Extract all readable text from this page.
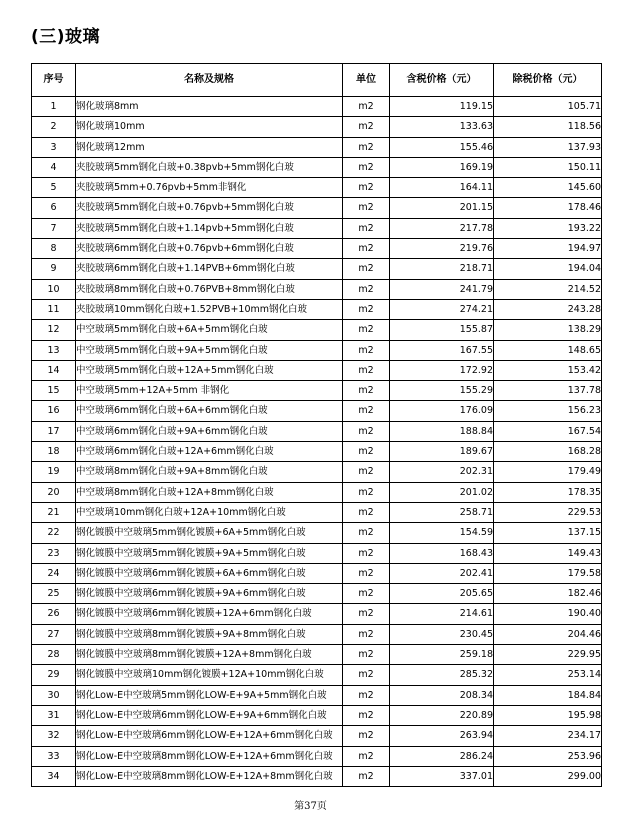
(三)玻璃
序号	名称及规格	单位	含税价格（元）	除税价格（元）
1	钢化玻璃8mm	m2	119.15	105.71
2	钢化玻璃10mm	m2	133.63	118.56
3	钢化玻璃12mm	m2	155.46	137.93
4	夹胶玻璃5mm钢化白玻+0.38pvb+5mm钢化白玻	m2	169.19	150.11
5	夹胶玻璃5mm+0.76pvb+5mm非钢化	m2	164.11	145.60
6	夹胶玻璃5mm钢化白玻+0.76pvb+5mm钢化白玻	m2	201.15	178.46
7	夹胶玻璃5mm钢化白玻+1.14pvb+5mm钢化白玻	m2	217.78	193.22
8	夹胶玻璃6mm钢化白玻+0.76pvb+6mm钢化白玻	m2	219.76	194.97
9	夹胶玻璃6mm钢化白玻+1.14PVB+6mm钢化白玻	m2	218.71	194.04
10	夹胶玻璃8mm钢化白玻+0.76PVB+8mm钢化白玻	m2	241.79	214.52
11	夹胶玻璃10mm钢化白玻+1.52PVB+10mm钢化白玻	m2	274.21	243.28
12	中空玻璃5mm钢化白玻+6A+5mm钢化白玻	m2	155.87	138.29
13	中空玻璃5mm钢化白玻+9A+5mm钢化白玻	m2	167.55	148.65
14	中空玻璃5mm钢化白玻+12A+5mm钢化白玻	m2	172.92	153.42
15	中空玻璃5mm+12A+5mm 非钢化	m2	155.29	137.78
16	中空玻璃6mm钢化白玻+6A+6mm钢化白玻	m2	176.09	156.23
17	中空玻璃6mm钢化白玻+9A+6mm钢化白玻	m2	188.84	167.54
18	中空玻璃6mm钢化白玻+12A+6mm钢化白玻	m2	189.67	168.28
19	中空玻璃8mm钢化白玻+9A+8mm钢化白玻	m2	202.31	179.49
20	中空玻璃8mm钢化白玻+12A+8mm钢化白玻	m2	201.02	178.35
21	中空玻璃10mm钢化白玻+12A+10mm钢化白玻	m2	258.71	229.53
22	钢化镀膜中空玻璃5mm钢化镀膜+6A+5mm钢化白玻	m2	154.59	137.15
23	钢化镀膜中空玻璃5mm钢化镀膜+9A+5mm钢化白玻	m2	168.43	149.43
24	钢化镀膜中空玻璃6mm钢化镀膜+6A+6mm钢化白玻	m2	202.41	179.58
25	钢化镀膜中空玻璃6mm钢化镀膜+9A+6mm钢化白玻	m2	205.65	182.46
26	钢化镀膜中空玻璃6mm钢化镀膜+12A+6mm钢化白玻	m2	214.61	190.40
27	钢化镀膜中空玻璃8mm钢化镀膜+9A+8mm钢化白玻	m2	230.45	204.46
28	钢化镀膜中空玻璃8mm钢化镀膜+12A+8mm钢化白玻	m2	259.18	229.95
29	钢化镀膜中空玻璃10mm钢化镀膜+12A+10mm钢化白玻	m2	285.32	253.14
30	钢化Low-E中空玻璃5mm钢化LOW-E+9A+5mm钢化白玻	m2	208.34	184.84
31	钢化Low-E中空玻璃6mm钢化LOW-E+9A+6mm钢化白玻	m2	220.89	195.98
32	钢化Low-E中空玻璃6mm钢化LOW-E+12A+6mm钢化白玻	m2	263.94	234.17
33	钢化Low-E中空玻璃8mm钢化LOW-E+12A+6mm钢化白玻	m2	286.24	253.96
34	钢化Low-E中空玻璃8mm钢化LOW-E+12A+8mm钢化白玻	m2	337.01	299.00
第37页
